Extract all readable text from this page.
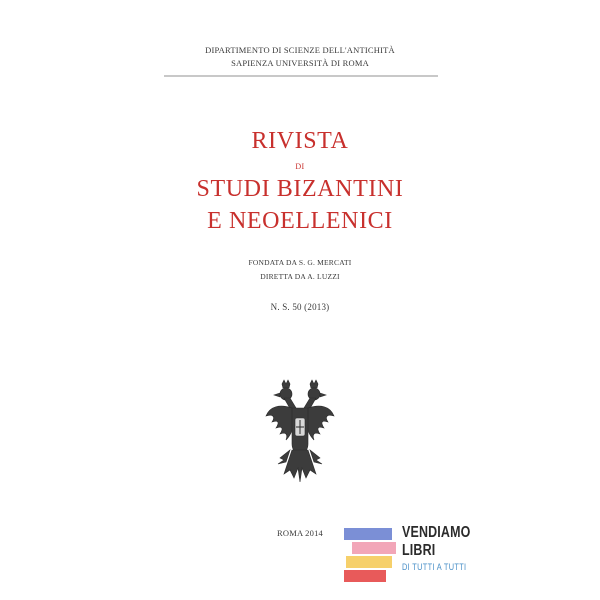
DIPARTIMENTO DI SCIENZE DELL'ANTICHITÀ
SAPIENZA UNIVERSITÀ DI ROMA
RIVISTA
DI
STUDI BIZANTINI
E NEOELLENICI
FONDATA DA S. G. MERCATI
DIRETTA DA A. LUZZI
N. S. 50 (2013)
ROMA 2014	VENDIAMO
LIBRI
DI TUTTI A TUTTI
